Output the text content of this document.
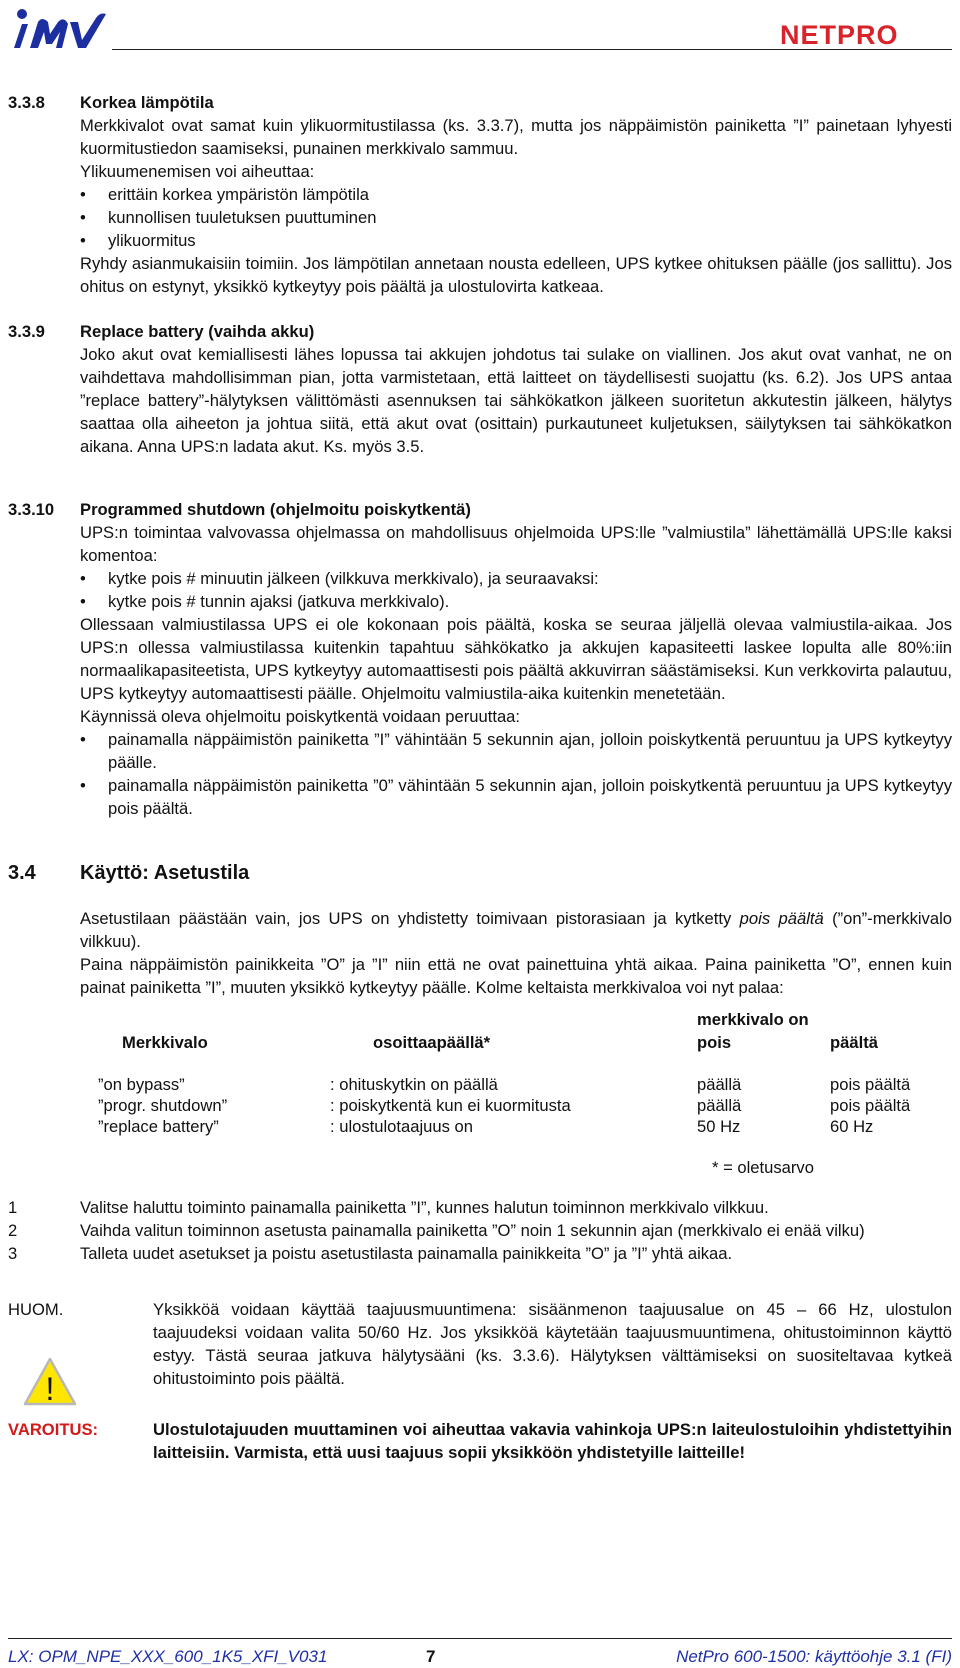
NETPRO
3.3.8 Korkea lämpötila

Merkkivalot ovat samat kuin ylikuormitustilassa (ks. 3.3.7), mutta jos näppäimistön painiketta ”I” painetaan lyhyesti kuormitustiedon saamiseksi, punainen merkkivalo sammuu.

Ylikuumenemisen voi aiheuttaa:

• erittäin korkea ympäristön lämpötila

• kunnollisen tuuletuksen puuttuminen

• ylikuormitus

Ryhdy asianmukaisiin toimiin. Jos lämpötilan annetaan nousta edelleen, UPS kytkee ohituksen päälle (jos sallittu). Jos ohitus on estynyt, yksikkö kytkeytyy pois päältä ja ulostulovirta katkeaa.

3.3.9 Replace battery (vaihda akku)

Joko akut ovat kemiallisesti lähes lopussa tai akkujen johdotus tai sulake on viallinen. Jos akut ovat vanhat, ne on vaihdettava mahdollisimman pian, jotta varmistetaan, että laitteet on täydellisesti suojattu (ks. 6.2). Jos UPS antaa ”replace battery”-hälytyksen välittömästi asennuksen tai sähkökatkon jälkeen suoritetun akkutestin jälkeen, hälytys saattaa olla aiheeton ja johtua siitä, että akut ovat (osittain) purkautuneet kuljetuksen, säilytyksen tai sähkökatkon aikana. Anna UPS:n ladata akut. Ks. myös 3.5.

3.3.10 Programmed shutdown (ohjelmoitu poiskytkentä)

UPS:n toimintaa valvovassa ohjelmassa on mahdollisuus ohjelmoida UPS:lle ”valmiustila” lähettämällä UPS:lle kaksi komentoa:

• kytke pois # minuutin jälkeen (vilkkuva merkkivalo), ja seuraavaksi:

• kytke pois # tunnin ajaksi (jatkuva merkkivalo).

Ollessaan valmiustilassa UPS ei ole kokonaan pois päältä, koska se seuraa jäljellä olevaa valmiustila-aikaa. Jos UPS:n ollessa valmiustilassa kuitenkin tapahtuu sähkökatko ja akkujen kapasiteetti laskee lopulta alle 80%:iin normaalikapasiteetista, UPS kytkeytyy automaattisesti pois päältä akkuvirran säästämiseksi. Kun verkkovirta palautuu, UPS kytkeytyy automaattisesti päälle. Ohjelmoitu valmiustila-aika kuitenkin menetetään.

Käynnissä oleva ohjelmoitu poiskytkentä voidaan peruuttaa:

• painamalla näppäimistön painiketta ”I” vähintään 5 sekunnin ajan, jolloin poiskytkentä peruuntuu ja UPS kytkeytyy päälle.

• painamalla näppäimistön painiketta ”0” vähintään 5 sekunnin ajan, jolloin poiskytkentä peruuntuu ja UPS kytkeytyy pois päältä.

3.4 Käyttö: Asetustila

Asetustilaan päästään vain, jos UPS on yhdistetty toimivaan pistorasiaan ja kytketty pois päältä (”on”-merkkivalo vilkkuu).

Paina näppäimistön painikkeita ”O” ja ”I” niin että ne ovat painettuina yhtä aikaa. Paina painiketta ”O”, ennen kuin painat painiketta ”I”, muuten yksikkö kytkeytyy päälle. Kolme keltaista merkkivaloa voi nyt palaa:

merkkivalo on
Merkkivalo	osoittaapäällä*	pois	päältä
”on bypass”	: ohituskytkin on päällä	päällä	pois päältä
”progr. shutdown”	: poiskytkentä kun ei kuormitusta	päällä	pois päältä
”replace battery”	: ulostulotaajuus on	50 Hz	60 Hz
* = oletusarvo
1	Valitse haluttu toiminto painamalla painiketta ”I”, kunnes halutun toiminnon merkkivalo vilkkuu.

2	Vaihda valitun toiminnon asetusta painamalla painiketta ”O” noin 1 sekunnin ajan (merkkivalo ei enää vilku)

3	Talleta uudet asetukset ja poistu asetustilasta painamalla painikkeita ”O” ja ”I” yhtä aikaa.

HUOM.	Yksikköä voidaan käyttää taajuusmuuntimena: sisäänmenon taajuusalue on 45 – 66 Hz, ulostulon taajuudeksi voidaan valita 50/60 Hz. Jos yksikköä käytetään taajuusmuuntimena, ohitustoiminnon käyttö estyy. Tästä seuraa jatkuva hälytysääni (ks. 3.3.6). Hälytyksen välttämiseksi on suositeltavaa kytkeä ohitustoiminto pois päältä.
!
VAROITUS:	Ulostulotajuuden muuttaminen voi aiheuttaa vakavia vahinkoja UPS:n laiteulostuloihin yhdistettyihin laitteisiin. Varmista, että uusi taajuus sopii yksikköön yhdistetyille laitteille!
LX: OPM_NPE_XXX_600_1K5_XFI_V031	7	NetPro 600-1500: käyttöohje 3.1 (FI)
